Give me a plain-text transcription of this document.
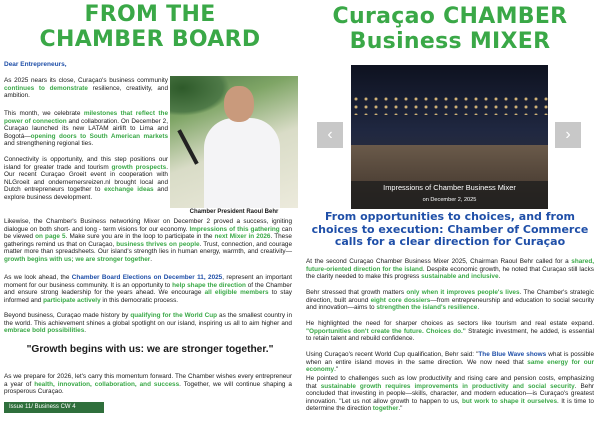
FROM THE
CHAMBER BOARD
Dear Entrepreneurs,

As 2025 nears its close, Curaçao's business community continues to demonstrate resilience, creativity, and ambition.

This month, we celebrate milestones that reflect the power of connection and collaboration. On December 2, Curaçao launched its new LATAM airlift to Lima and Bogotá—opening doors to South American markets and strengthening regional ties.

Connectivity is opportunity, and this step positions our island for greater trade and tourism growth prospects. Our recent Curaçao Groeit event in cooperation with NLGroeit and ondernemersreizen.nl brought local and Dutch entrepreneurs together to exchange ideas and explore business development.

Chamber President Raoul Behr

Likewise, the Chamber's Business networking Mixer on December 2 proved a success, igniting dialogue on both short- and long - term visions for our economy. Impressions of this gathering can be viewed on page 5. Make sure you are in the loop to participate in the next Mixer in 2026. These gatherings remind us that on Curaçao, business thrives on people. Trust, connection, and courage matter more than spreadsheets. Our island's strength lies in human energy, warmth, and creativity— growth begins with us; we are stronger together.

As we look ahead, the Chamber Board Elections on December 11, 2025, represent an important moment for our business community. It is an opportunity to help shape the direction of the Chamber and ensure strong leadership for the years ahead. We encourage all eligible members to stay informed and participate actively in this democratic process.

Beyond business, Curaçao made history by qualifying for the World Cup as the smallest country in the world. This achievement shines a global spotlight on our island, inspiring us all to aim higher and embrace bold possibilities.

"Growth begins with us: we are stronger together."

As we prepare for 2026, let's carry this momentum forward. The Chamber wishes every entrepreneur a year of health, innovation, collaboration, and success. Together, we will continue shaping a prosperous Curaçao.

Issue 11/ Business CW 4
Curaçao CHAMBER
Business MIXER
Impressions of Chamber Business Mixer
on December 2, 2025
‹	›
From opportunities to choices, and from choices to execution: Chamber of Commerce calls for a clear direction for Curaçao

At the second Curaçao Chamber Business Mixer 2025, Chairman Raoul Behr called for a shared, future-oriented direction for the island. Despite economic growth, he noted that Curaçao still lacks the clarity needed to make this progress sustainable and inclusive.

Behr stressed that growth matters only when it improves people's lives. The Chamber's strategic direction, built around eight core dossiers—from entrepreneurship and education to social security and innovation—aims to strengthen the island's resilience.

He highlighted the need for sharper choices as sectors like tourism and real estate expand. "Opportunities don't create the future. Choices do." Strategic investment, he added, is essential to retain talent and rebuild confidence.

Using Curaçao's recent World Cup qualification, Behr said: "The Blue Wave shows what is possible when an entire island moves in the same direction. We now need that same energy for our economy."

He pointed to challenges such as low productivity and rising care and pension costs, emphasizing that sustainable growth requires improvements in productivity and social security. Behr concluded that investing in people—skills, character, and modern education—is Curaçao's greatest innovation. "Let us not allow growth to happen to us, but work to shape it ourselves. It is time to determine the direction together."
